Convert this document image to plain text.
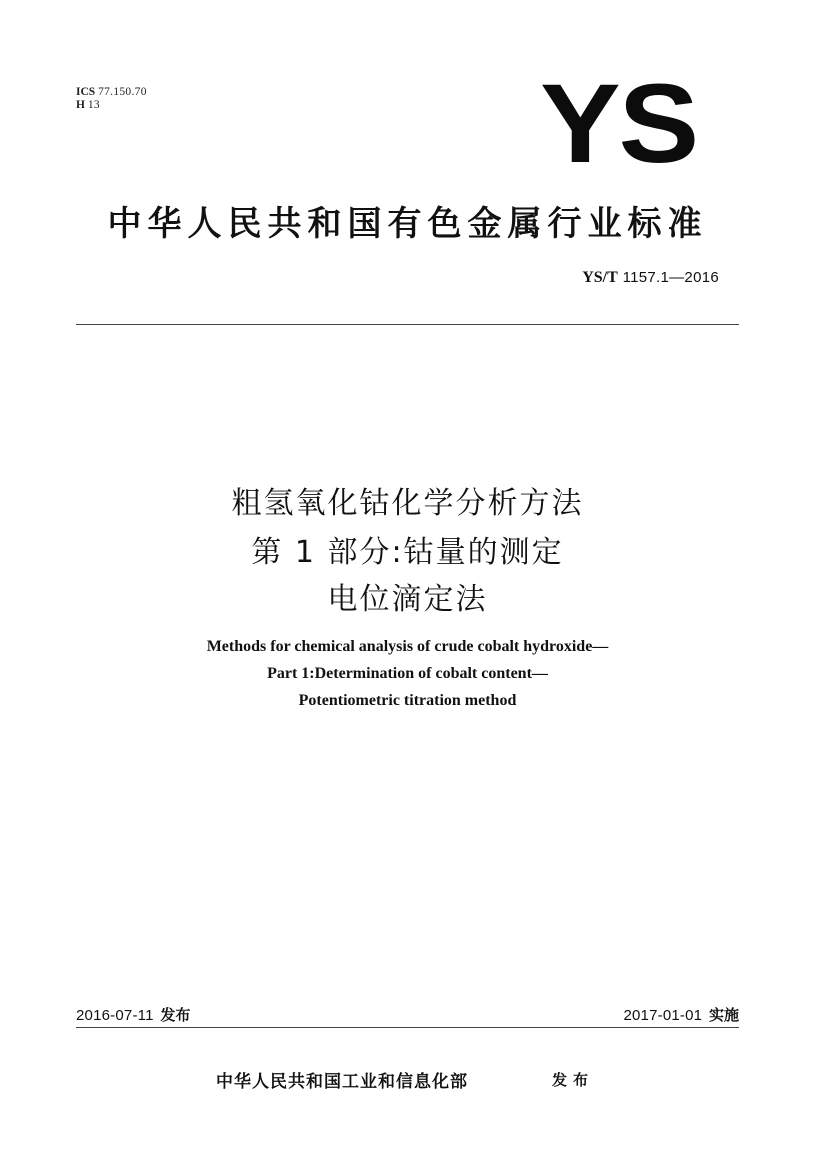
ICS 77.150.70
H 13	YS
中华人民共和国有色金属行业标准
YS/T 1157.1—2016
粗氢氧化钴化学分析方法
第 1 部分:钴量的测定
电位滴定法
Methods for chemical analysis of crude cobalt hydroxide—
Part 1:Determination of cobalt content—
Potentiometric titration method
2016-07-11 发布	2017-01-01 实施
中华人民共和国工业和信息化部	发布
